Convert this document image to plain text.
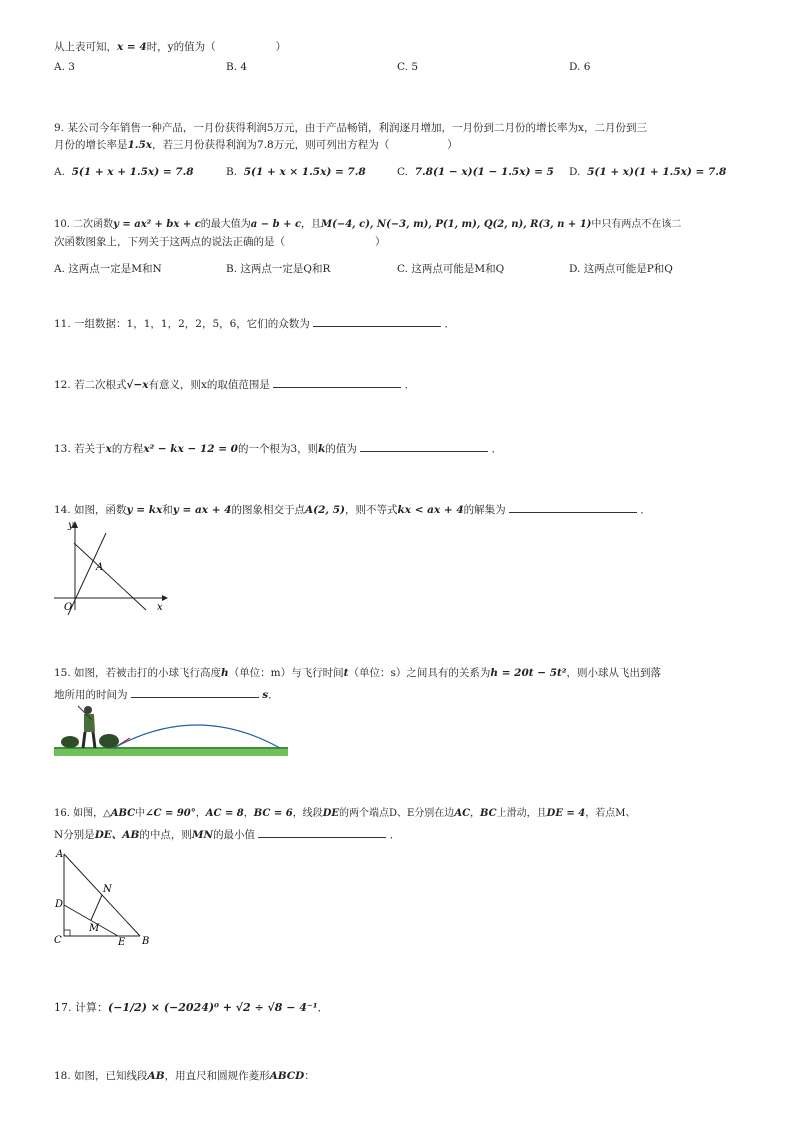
从上表可知，x = 4时，y的值为（	）
A. 3	B. 4	C. 5	D. 6
9. 某公司今年销售一种产品，一月份获得利润5万元，由于产品畅销，利润逐月增加，一月份到二月份的增长率为x，二月份到三
月份的增长率是1.5x，若三月份获得利润为7.8万元，则可列出方程为（	）
A. 5(1 + x + 1.5x) = 7.8	B. 5(1 + x × 1.5x) = 7.8	C. 7.8(1 − x)(1 − 1.5x) = 5 D. 5(1 + x)(1 + 1.5x) = 7.8
10. 二次函数y = ax² + bx + c的最大值为a − b + c，且M(−4, c), N(−3, m), P(1, m), Q(2, n), R(3, n + 1)中只有两点不在该二
次函数图象上，下列关于这两点的说法正确的是（	）
A. 这两点一定是M和N	B. 这两点一定是Q和R	C. 这两点可能是M和Q	D. 这两点可能是P和Q
11. 一组数据：1，1，1，2，2，5，6，它们的众数为	．
12. 若二次根式√−x有意义，则x的取值范围是	．
13. 若关于x的方程x² − kx − 12 = 0的一个根为3，则k的值为	．
14. 如图，函数y = kx和y = ax + 4的图象相交于点A(2, 5)，则不等式kx < ax + 4的解集为	．
y
x
O
A
15. 如图，若被击打的小球飞行高度h（单位：m）与飞行时间t（单位：s）之间具有的关系为h = 20t − 5t²，则小球从飞出到落
地所用的时间为	s．
16. 如图，△ABC中∠C = 90°，AC = 8，BC = 6，线段DE的两个端点D、E分别在边AC，BC上滑动，且DE = 4，若点M、
N分别是DE、AB的中点，则MN的最小值	．
A
B
C
D
E
M
N
17. 计算：(−1/2) × (−2024)⁰ + √2 ÷ √8 − 4⁻¹．
18. 如图，已知线段AB，用直尺和圆规作菱形ABCD：
